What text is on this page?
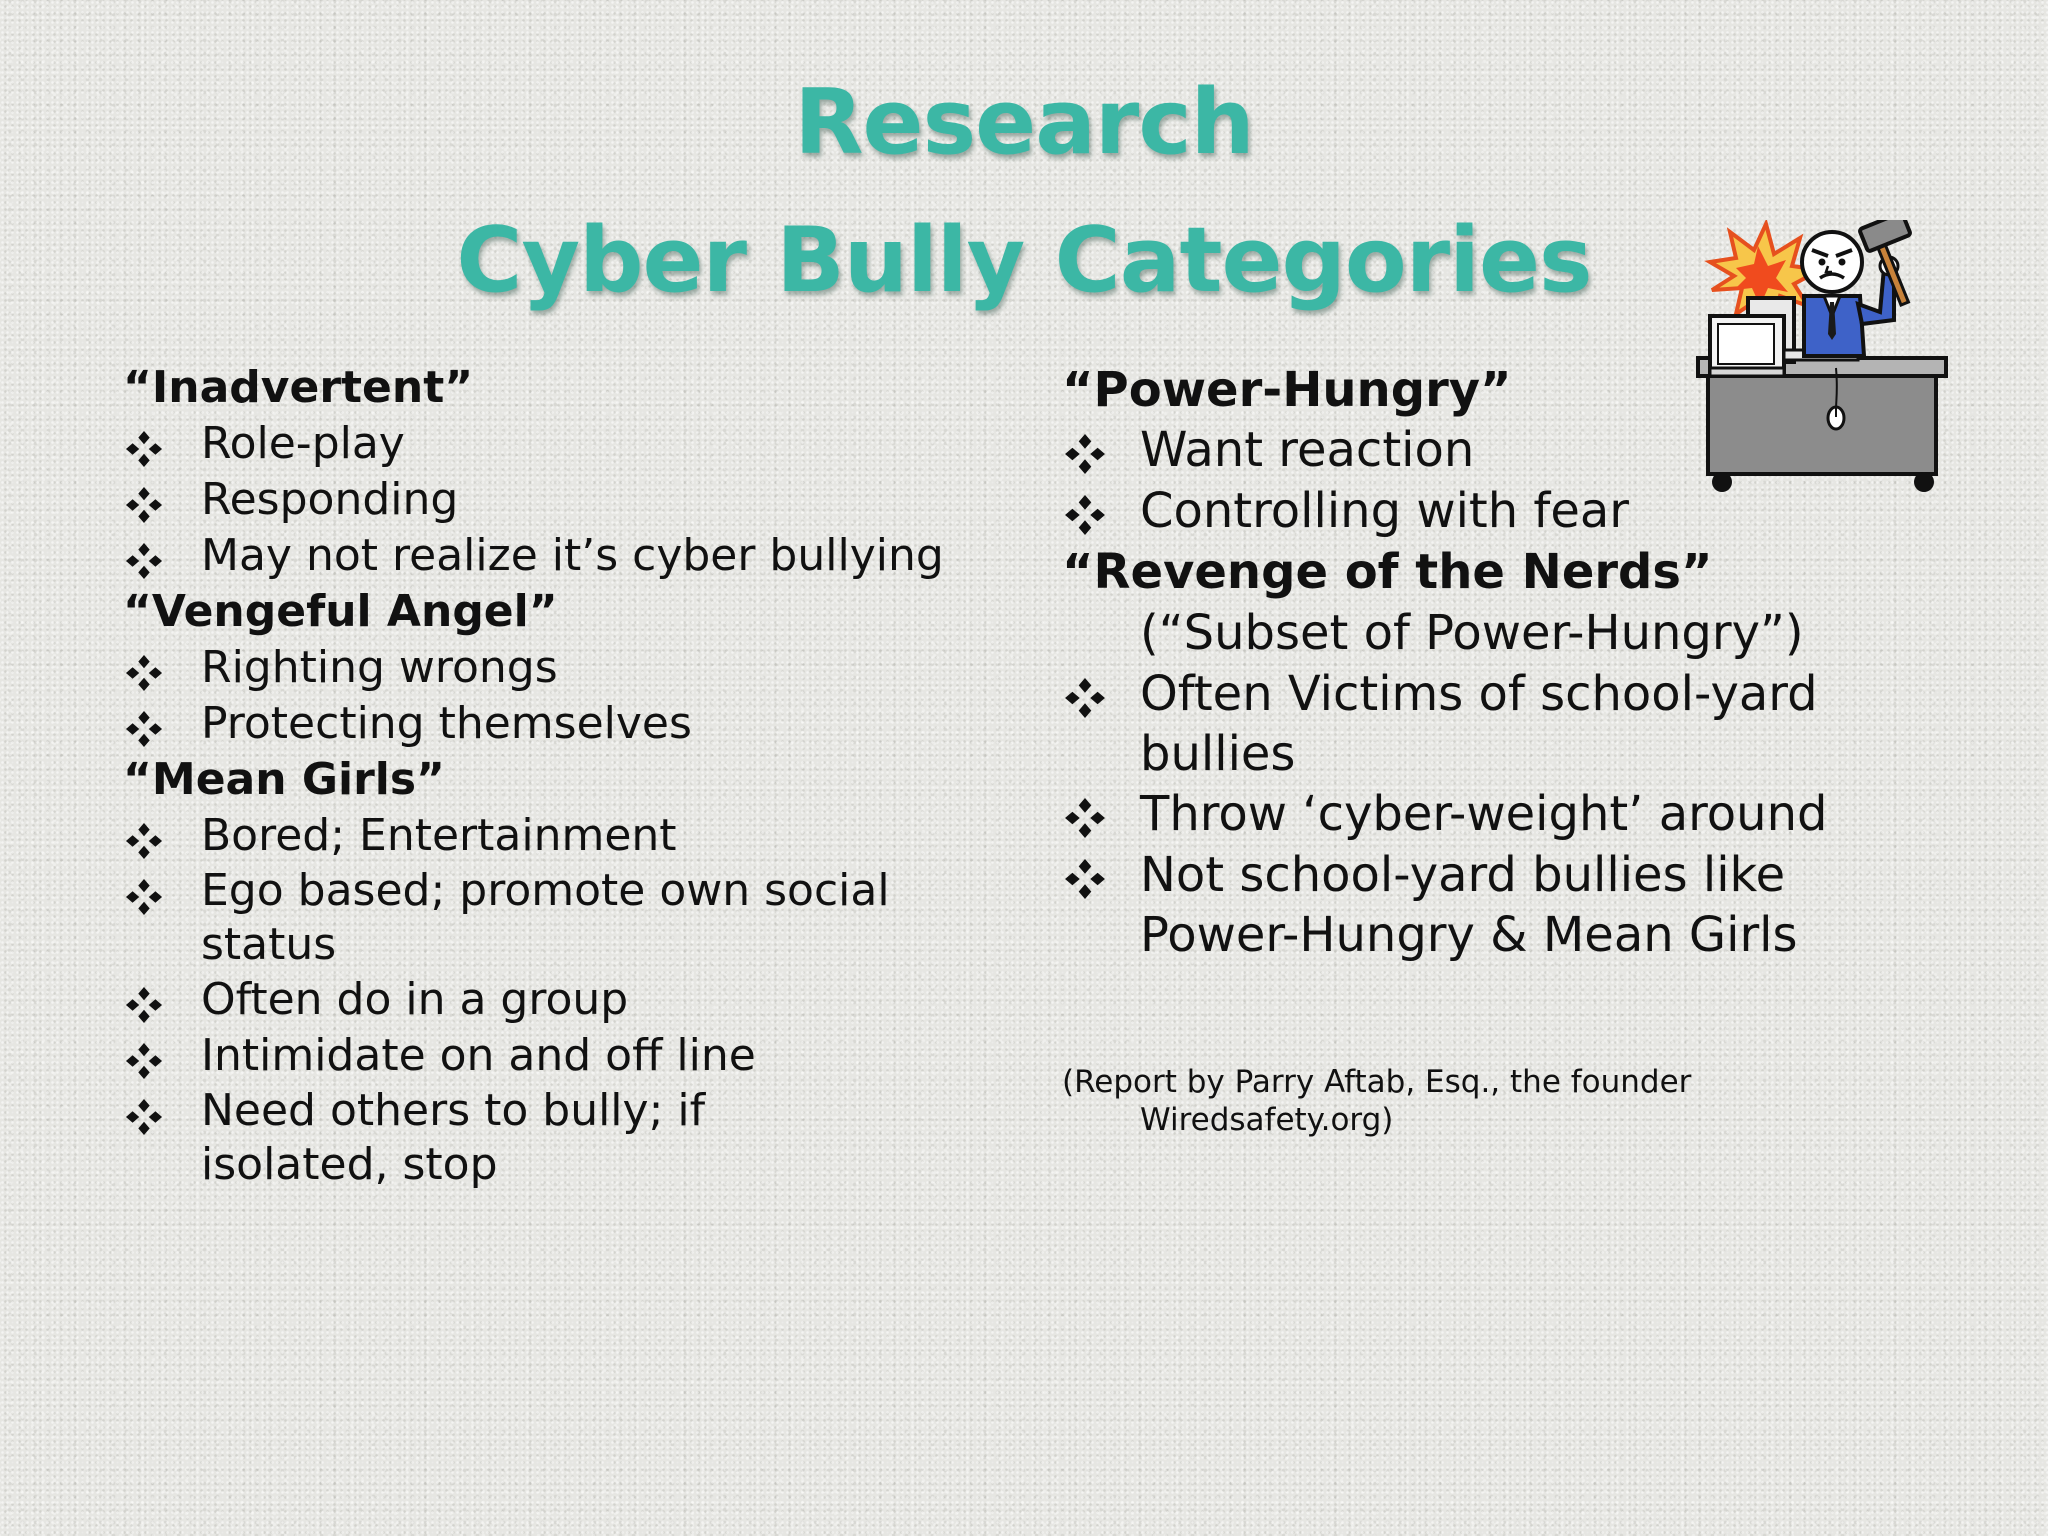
Research
Cyber Bully Categories
“Inadvertent”
Role-play
Responding
May not realize it’s cyber bullying
“Vengeful Angel”
Righting wrongs
Protecting themselves
“Mean Girls”
Bored; Entertainment
Ego based; promote own social status
Often do in a group
Intimidate on and off line
Need others to bully; if isolated, stop
“Power-Hungry”
Want reaction
Controlling with fear
“Revenge of the Nerds”
(“Subset of Power-Hungry”)
Often Victims of school-yard bullies
Throw ‘cyber-weight’ around
Not school-yard bullies like Power-Hungry & Mean Girls
(Report by Parry Aftab, Esq., the founder Wiredsafety.org)
